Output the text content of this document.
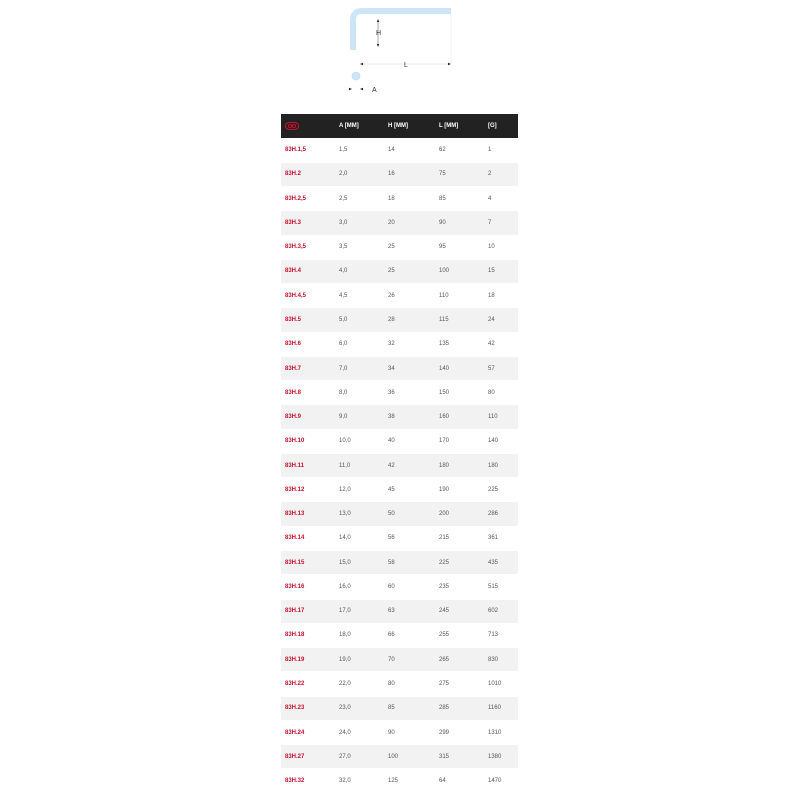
H
L
A
	A [MM]	H [MM]	L [MM]	[G]
83H.1,5	1,5	14	62	1
83H.2	2,0	16	75	2
83H.2,5	2,5	18	85	4
83H.3	3,0	20	90	7
83H.3,5	3,5	25	95	10
83H.4	4,0	25	100	15
83H.4,5	4,5	26	110	18
83H.5	5,0	28	115	24
83H.6	6,0	32	135	42
83H.7	7,0	34	140	57
83H.8	8,0	36	150	80
83H.9	9,0	38	160	110
83H.10	10,0	40	170	140
83H.11	11,0	42	180	180
83H.12	12,0	45	190	225
83H.13	13,0	50	200	286
83H.14	14,0	56	215	361
83H.15	15,0	58	225	435
83H.16	16,0	60	235	515
83H.17	17,0	63	245	602
83H.18	18,0	66	255	713
83H.19	19,0	70	265	830
83H.22	22,0	80	275	1010
83H.23	23,0	85	285	1160
83H.24	24,0	90	299	1310
83H.27	27,0	100	315	1380
83H.32	32,0	125	64	1470
